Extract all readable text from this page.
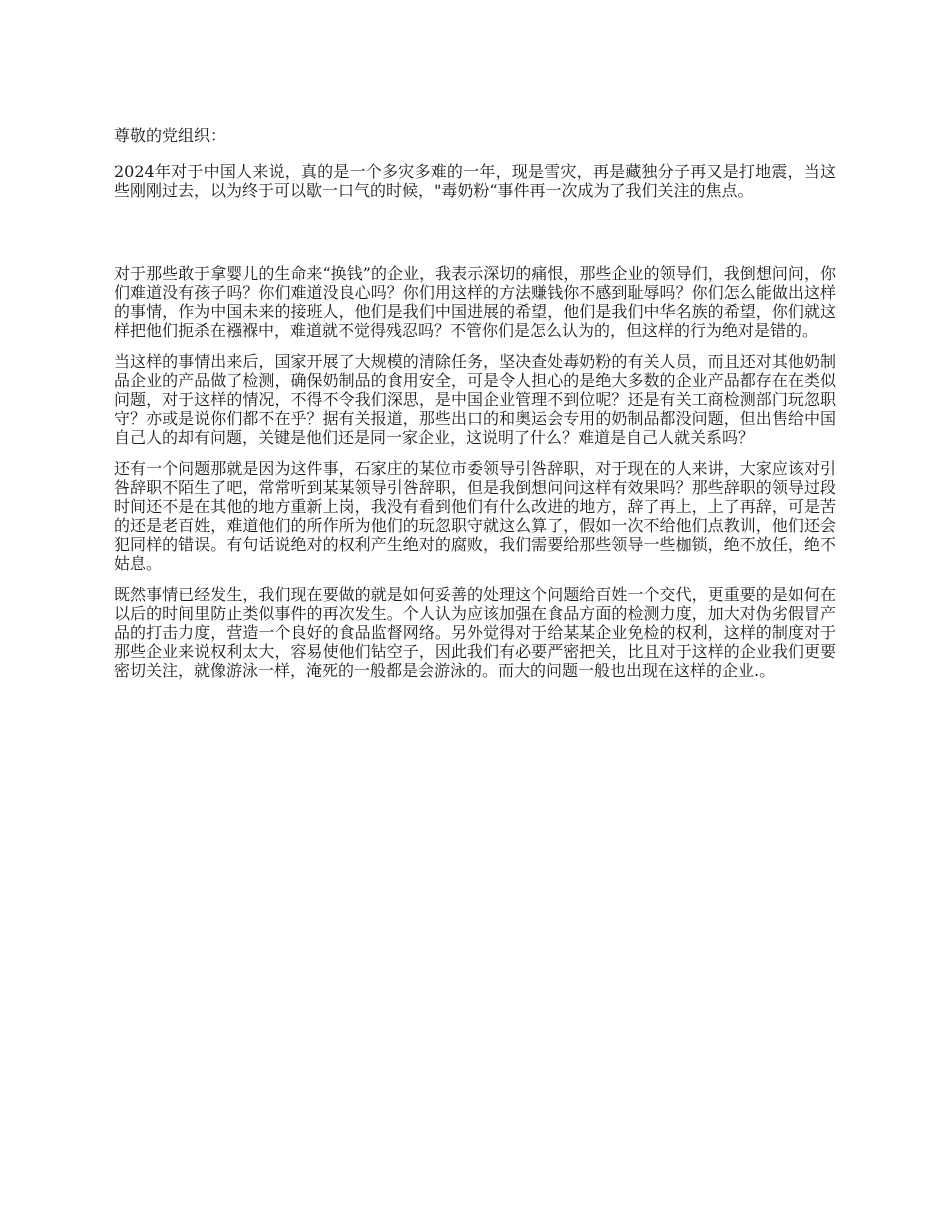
尊敬的党组织：

2024年对于中国人来说，真的是一个多灾多难的一年，现是雪灾，再是藏独分子再又是打地震，当这些刚刚过去，以为终于可以歇一口气的时候，"毒奶粉“事件再一次成为了我们关注的焦点。

对于那些敢于拿婴儿的生命来“换钱”的企业，我表示深切的痛恨，那些企业的领导们，我倒想问问，你们难道没有孩子吗？你们难道没良心吗？你们用这样的方法赚钱你不感到耻辱吗？你们怎么能做出这样的事情，作为中国未来的接班人，他们是我们中国进展的希望，他们是我们中华名族的希望，你们就这样把他们扼杀在襁褓中，难道就不觉得残忍吗？不管你们是怎么认为的，但这样的行为绝对是错的。

当这样的事情出来后，国家开展了大规模的清除任务，坚决查处毒奶粉的有关人员，而且还对其他奶制品企业的产品做了检测，确保奶制品的食用安全，可是令人担心的是绝大多数的企业产品都存在在类似问题，对于这样的情况，不得不令我们深思，是中国企业管理不到位呢？还是有关工商检测部门玩忽职守？亦或是说你们都不在乎？据有关报道，那些出口的和奥运会专用的奶制品都没问题，但出售给中国自己人的却有问题，关键是他们还是同一家企业，这说明了什么？难道是自己人就关系吗？

还有一个问题那就是因为这件事，石家庄的某位市委领导引咎辞职，对于现在的人来讲，大家应该对引咎辞职不陌生了吧，常常听到某某领导引咎辞职，但是我倒想问问这样有效果吗？那些辞职的领导过段时间还不是在其他的地方重新上岗，我没有看到他们有什么改进的地方，辞了再上，上了再辞，可是苦的还是老百姓，难道他们的所作所为他们的玩忽职守就这么算了，假如一次不给他们点教训，他们还会犯同样的错误。有句话说绝对的权利产生绝对的腐败，我们需要给那些领导一些枷锁，绝不放任，绝不姑息。

既然事情已经发生，我们现在要做的就是如何妥善的处理这个问题给百姓一个交代，更重要的是如何在以后的时间里防止类似事件的再次发生。个人认为应该加强在食品方面的检测力度，加大对伪劣假冒产品的打击力度，营造一个良好的食品监督网络。另外觉得对于给某某企业免检的权利，这样的制度对于那些企业来说权利太大，容易使他们钻空子，因此我们有必要严密把关，比且对于这样的企业我们更要密切关注，就像游泳一样，淹死的一般都是会游泳的。而大的问题一般也出现在这样的企业.。
